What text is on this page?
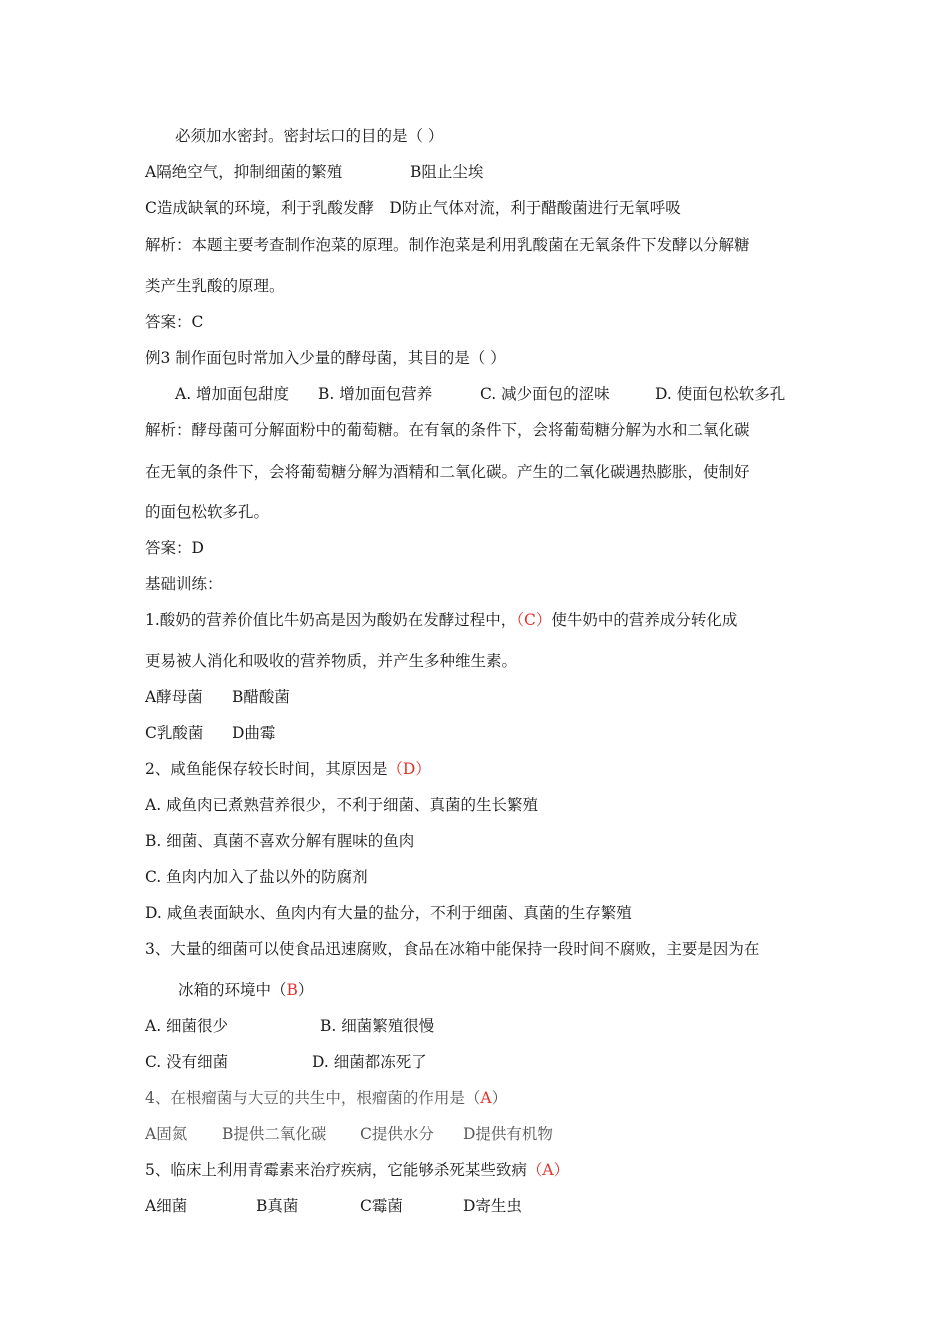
必须加水密封。密封坛口的目的是（ ）
A隔绝空气，抑制细菌的繁殖	B阻止尘埃
C造成缺氧的环境，利于乳酸发酵　D防止气体对流，利于醋酸菌进行无氧呼吸
解析：本题主要考查制作泡菜的原理。制作泡菜是利用乳酸菌在无氧条件下发酵以分解糖
类产生乳酸的原理。
答案：C
例3 制作面包时常加入少量的酵母菌，其目的是（ ）
A. 增加面包甜度 B. 增加面包营养	C. 减少面包的涩味	D. 使面包松软多孔
解析：酵母菌可分解面粉中的葡萄糖。在有氧的条件下，会将葡萄糖分解为水和二氧化碳
在无氧的条件下，会将葡萄糖分解为酒精和二氧化碳。产生的二氧化碳遇热膨胀，使制好
的面包松软多孔。
答案：D
基础训练：
1.酸奶的营养价值比牛奶高是因为酸奶在发酵过程中，（C）使牛奶中的营养成分转化成
更易被人消化和吸收的营养物质，并产生多种维生素。
A酵母菌 B醋酸菌
C乳酸菌 D曲霉
2、咸鱼能保存较长时间，其原因是（D）
A. 咸鱼肉已煮熟营养很少，不利于细菌、真菌的生长繁殖
B. 细菌、真菌不喜欢分解有腥味的鱼肉
C. 鱼肉内加入了盐以外的防腐剂
D. 咸鱼表面缺水、鱼肉内有大量的盐分，不利于细菌、真菌的生存繁殖
3、大量的细菌可以使食品迅速腐败，食品在冰箱中能保持一段时间不腐败，主要是因为在
冰箱的环境中（B）
A. 细菌很少	B. 细菌繁殖很慢
C. 没有细菌	D. 细菌都冻死了
4、在根瘤菌与大豆的共生中，根瘤菌的作用是（A）
A固氮 B提供二氧化碳 C提供水分 D提供有机物
5、临床上利用青霉素来治疗疾病，它能够杀死某些致病（A）
A细菌	B真菌	C霉菌	D寄生虫
